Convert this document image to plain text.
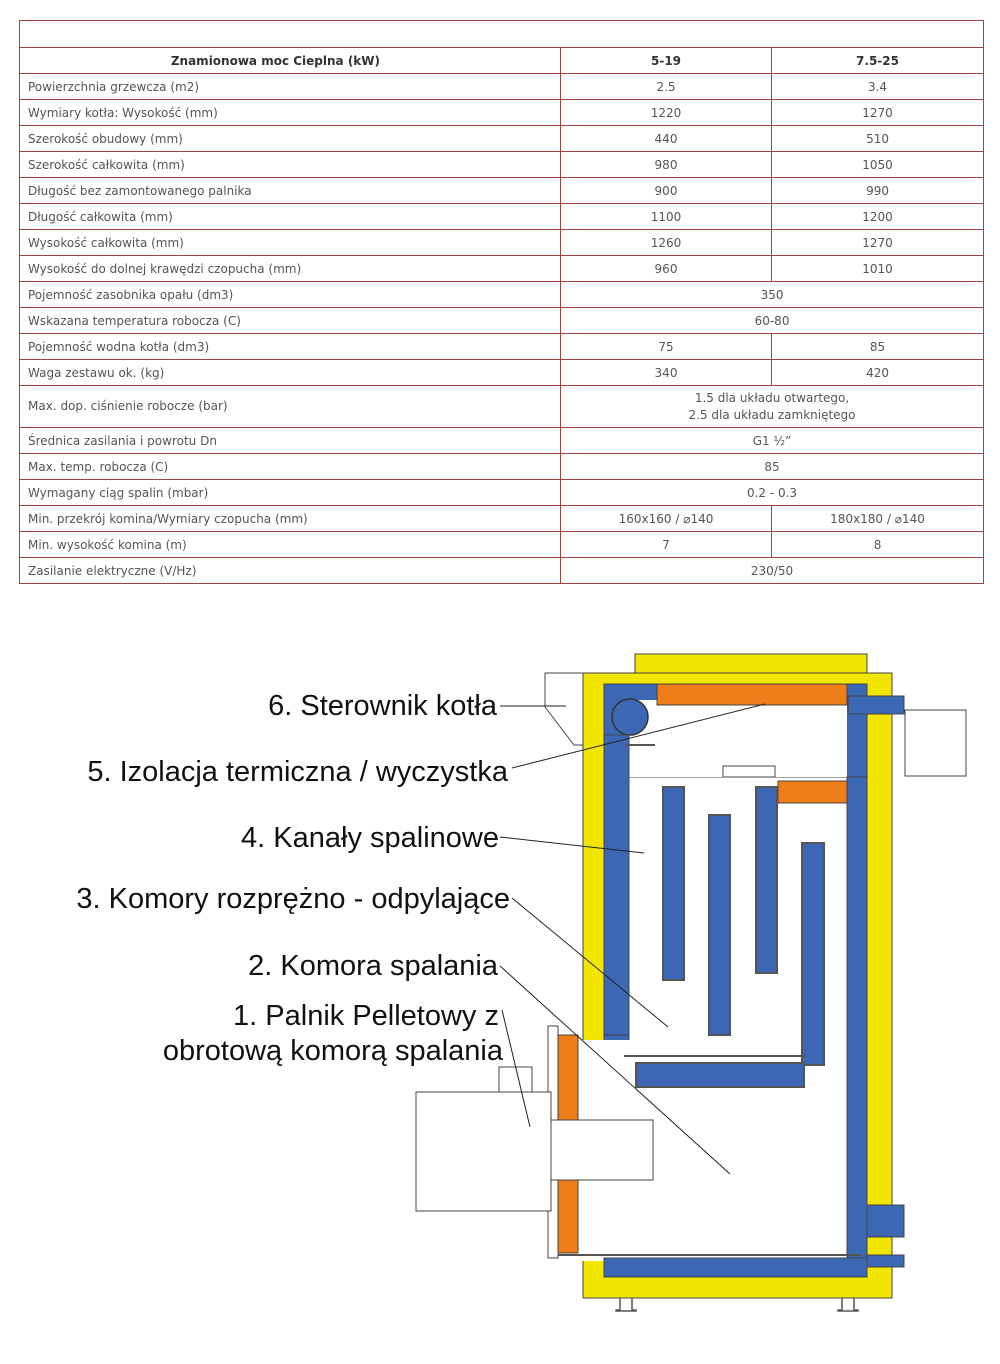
Znamionowa moc Cieplna (kW)	5-19	7.5-25
Powierzchnia grzewcza (m2)	2.5	3.4
Wymiary kotła: Wysokość (mm)	1220	1270
Szerokość obudowy (mm)	440	510
Szerokość całkowita (mm)	980	1050
Długość bez zamontowanego palnika	900	990
Długość całkowita (mm)	1100	1200
Wysokość całkowita (mm)	1260	1270
Wysokość do dolnej krawędzi czopucha (mm)	960	1010
Pojemność zasobnika opału (dm3)	350	
Wskazana temperatura robocza (C)	60-80	
Pojemność wodna kotła (dm3)	75	85
Waga zestawu ok. (kg)	340	420
Max. dop. ciśnienie robocze (bar)	1.5 dla układu otwartego,
2.5 dla układu zamkniętego	

Średnica zasilania i powrotu Dn	G1 ½”	
Max. temp. robocza (C)	85	
Wymagany ciąg spalin (mbar)	0.2 - 0.3	
Min. przekrój komina/Wymiary czopucha (mm)	160x160 / ⌀140	180x180 / ⌀140
Min. wysokość komina (m)	7	8
Zasilanie elektryczne (V/Hz)	230/50	
6. Sterownik kotła
5. Izolacja termiczna / wyczystka
4. Kanały spalinowe
3. Komory rozprężno - odpylające
2. Komora spalania
1. Palnik Pelletowy z
obrotową komorą spalania
